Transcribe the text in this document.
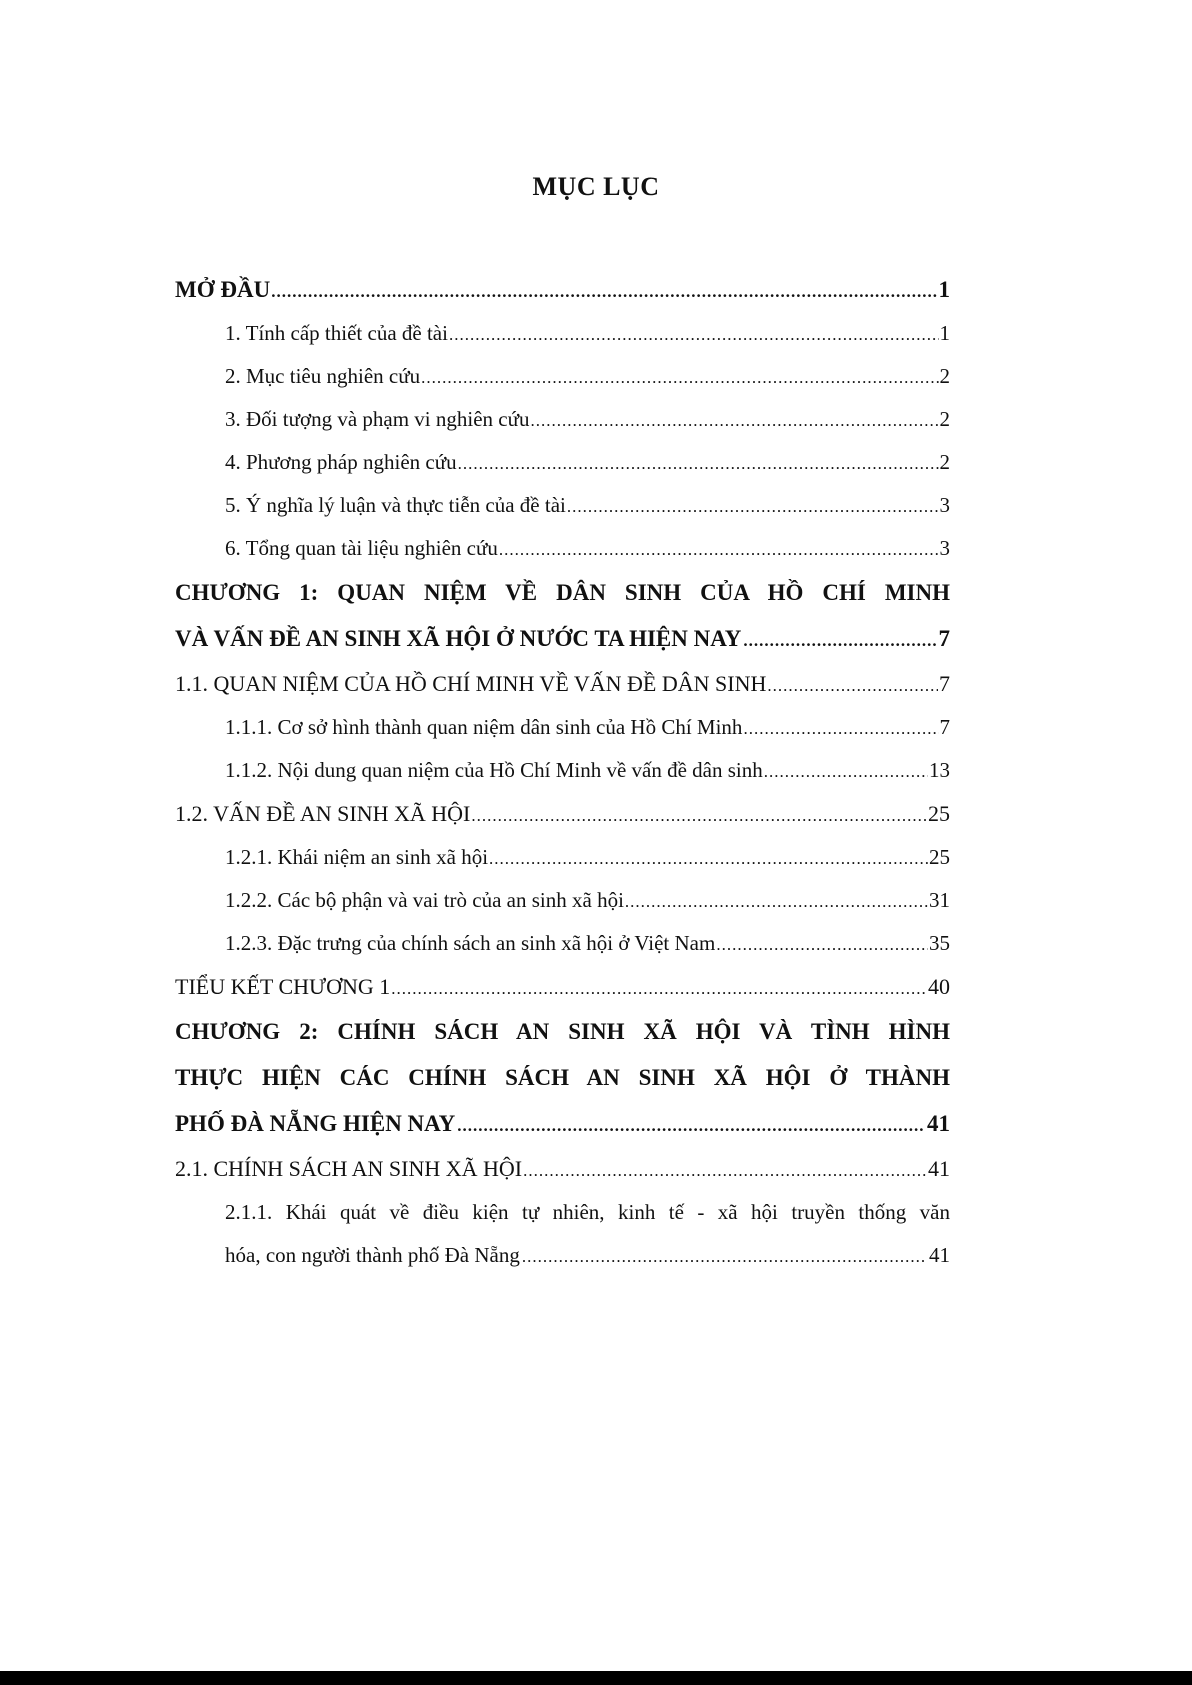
MỤC LỤC
MỞ ĐẦU .....	1
1. Tính cấp thiết của đề tài .....	1
2. Mục tiêu nghiên cứu .....	2
3. Đối tượng và phạm vi nghiên cứu .....	2
4. Phương pháp nghiên cứu .....	2
5. Ý nghĩa lý luận và thực tiễn của đề tài .....	3
6. Tổng quan tài liệu nghiên cứu .....	3
CHƯƠNG 1: QUAN NIỆM VỀ DÂN SINH CỦA HỒ CHÍ MINH
VÀ VẤN ĐỀ AN SINH XÃ HỘI Ở NƯỚC TA HIỆN NAY .....	7
1.1. QUAN NIỆM CỦA HỒ CHÍ MINH VỀ VẤN ĐỀ DÂN SINH .....	7
1.1.1. Cơ sở hình thành quan niệm dân sinh của Hồ Chí Minh .....	7
1.1.2. Nội dung quan niệm của Hồ Chí Minh về vấn đề dân sinh .....	13
1.2. VẤN ĐỀ AN SINH XÃ HỘI .....	25
1.2.1. Khái niệm an sinh xã hội .....	25
1.2.2. Các bộ phận và vai trò của an sinh xã hội .....	31
1.2.3. Đặc trưng của chính sách an sinh xã hội ở Việt Nam .....	35
TIỂU KẾT CHƯƠNG 1 .....	40
CHƯƠNG 2: CHÍNH SÁCH AN SINH XÃ HỘI VÀ TÌNH HÌNH
THỰC HIỆN CÁC CHÍNH SÁCH AN SINH XÃ HỘI Ở THÀNH
PHỐ ĐÀ NẴNG HIỆN NAY .....	41
2.1. CHÍNH SÁCH AN SINH XÃ HỘI .....	41
2.1.1. Khái quát về điều kiện tự nhiên, kinh tế - xã hội truyền thống văn
hóa, con người thành phố Đà Nẵng .....	41
